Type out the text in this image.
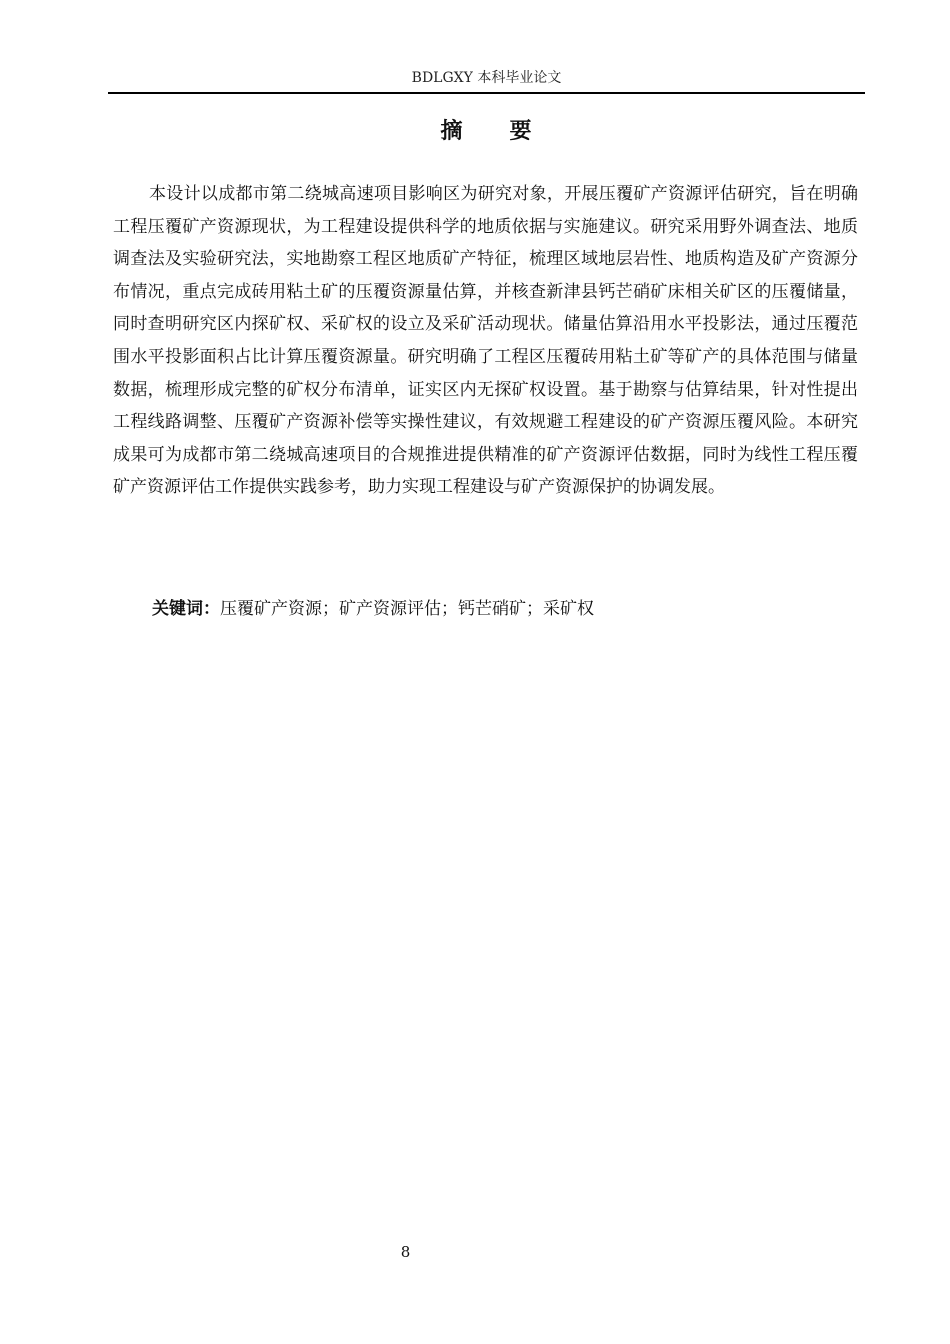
BDLGXY 本科毕业论文
摘 要

本设计以成都市第二绕城高速项目影响区为研究对象，开展压覆矿产资源评估研究，旨在明确工程压覆矿产资源现状，为工程建设提供科学的地质依据与实施建议。研究采用野外调查法、地质调查法及实验研究法，实地勘察工程区地质矿产特征，梳理区域地层岩性、地质构造及矿产资源分布情况，重点完成砖用粘土矿的压覆资源量估算，并核查新津县钙芒硝矿床相关矿区的压覆储量，同时查明研究区内探矿权、采矿权的设立及采矿活动现状。储量估算沿用水平投影法，通过压覆范围水平投影面积占比计算压覆资源量。研究明确了工程区压覆砖用粘土矿等矿产的具体范围与储量数据，梳理形成完整的矿权分布清单，证实区内无探矿权设置。基于勘察与估算结果，针对性提出工程线路调整、压覆矿产资源补偿等实操性建议，有效规避工程建设的矿产资源压覆风险。本研究成果可为成都市第二绕城高速项目的合规推进提供精准的矿产资源评估数据，同时为线性工程压覆矿产资源评估工作提供实践参考，助力实现工程建设与矿产资源保护的协调发展。

关键词：压覆矿产资源；矿产资源评估；钙芒硝矿；采矿权
8
